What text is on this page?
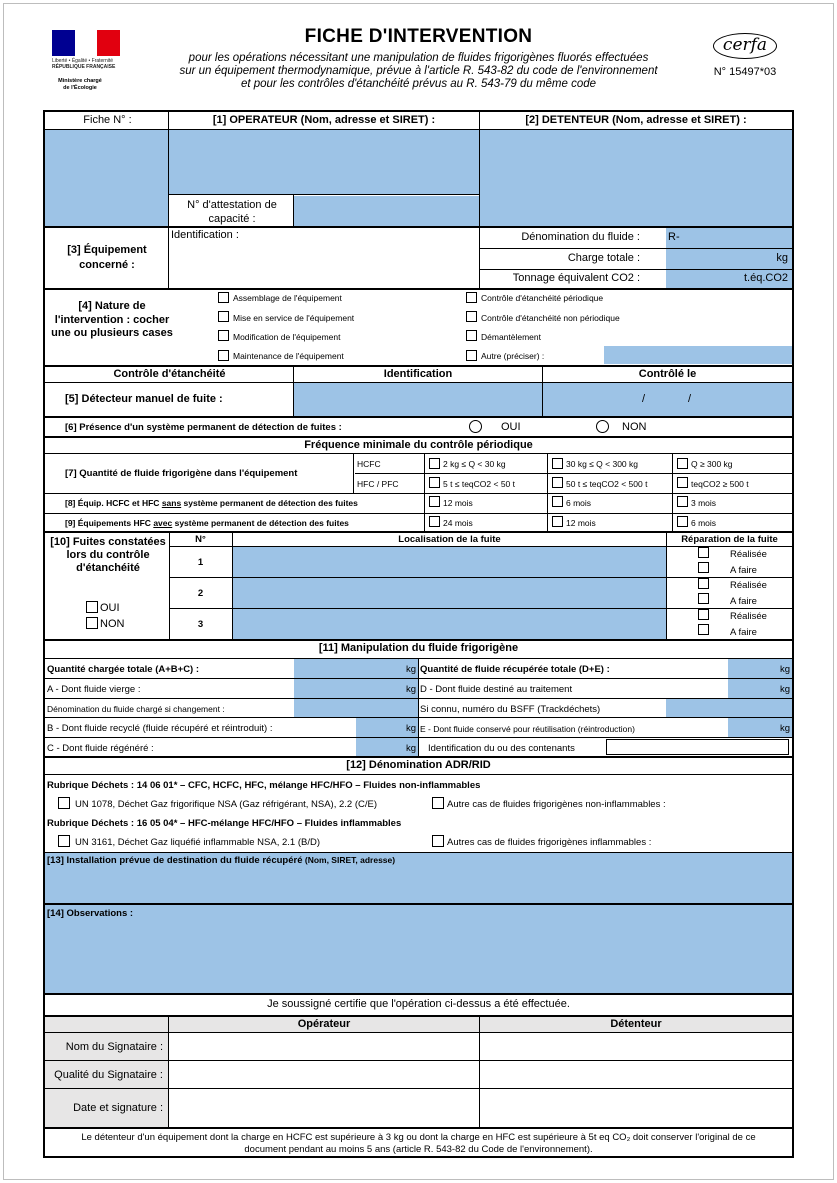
Liberté • Égalité • Fraternité
RÉPUBLIQUE FRANÇAISE
Ministère chargé de l'Écologie
FICHE D'INTERVENTION
pour les opérations nécessitant une manipulation de fluides frigorigènes fluorés effectuées
sur un équipement thermodynamique, prévue à l'article R. 543-82 du code de l'environnement
et pour les contrôles d'étanchéité prévus au R. 543-79 du même code
cerfa
N° 15497*03
Fiche N° :	[1] OPERATEUR (Nom, adresse et SIRET) :	[2] DETENTEUR (Nom, adresse et SIRET) :
N° d'attestation de capacité :
[3] Équipement concerné :
Identification :	Dénomination du fluide :	R-
Charge totale :	kg
Tonnage équivalent CO2 :	t.éq.CO2
[4] Nature de l'intervention : cocher une ou plusieurs cases
Assemblage de l'équipement
Mise en service de l'équipement
Modification de l'équipement
Maintenance de l'équipement
Contrôle d'étanchéité périodique
Contrôle d'étanchéité non périodique
Démantèlement
Autre (préciser) :
Contrôle d'étanchéité	Identification	Contrôlé le
[5] Détecteur manuel de fuite :	/	/
[6] Présence d'un système permanent de détection de fuites :	OUI	NON
Fréquence minimale du contrôle périodique
[7] Quantité de fluide frigorigène dans l'équipement
HCFC
HFC / PFC
2 kg ≤ Q < 30 kg	30 kg ≤ Q < 300 kg	Q ≥ 300 kg
5 t ≤ teqCO2 < 50 t	50 t ≤ teqCO2 < 500 t	teqCO2 ≥ 500 t
[8] Équip. HCFC et HFC sans système permanent de détection des fuites	12 mois	6 mois	3 mois
[9] Équipements HFC avec système permanent de détection des fuites	24 mois	12 mois	6 mois
[10] Fuites constatées lors du contrôle d'étanchéité
OUI
NON
N°	Localisation de la fuite	Réparation de la fuite
1
Réalisée
A faire
2
Réalisée
A faire
3
Réalisée
A faire
[11] Manipulation du fluide frigorigène
Quantité chargée totale (A+B+C) :	kg
A - Dont fluide vierge :	kg
Dénomination du fluide chargé si changement :
B - Dont fluide recyclé (fluide récupéré et réintroduit) :	kg
C - Dont fluide régénéré :	kg
Quantité de fluide récupérée totale (D+E) :	kg
D - Dont fluide destiné au traitement	kg
Si connu, numéro du BSFF (Trackdéchets)
E - Dont fluide conservé pour réutilisation (réintroduction)	kg
Identification du ou des contenants
[12] Dénomination ADR/RID
Rubrique Déchets : 14 06 01* – CFC, HCFC, HFC, mélange HFC/HFO – Fluides non-inflammables
UN 1078, Déchet Gaz frigorifique NSA (Gaz réfrigérant, NSA), 2.2 (C/E)	Autre cas de fluides frigorigènes non-inflammables :
Rubrique Déchets : 16 05 04* – HFC-mélange HFC/HFO – Fluides inflammables
UN 3161, Déchet Gaz liquéfié inflammable NSA, 2.1 (B/D)	Autres cas de fluides frigorigènes inflammables :
[13] Installation prévue de destination du fluide récupéré (Nom, SIRET, adresse)
[14] Observations :
Je soussigné certifie que l'opération ci-dessus a été effectuée.
Opérateur	Détenteur
Nom du Signataire :
Qualité du Signataire :
Date et signature :
Le détenteur d'un équipement dont la charge en HCFC est supérieure à 3 kg ou dont la charge en HFC est supérieure à 5t eq CO₂ doit conserver l'original de ce
document pendant au moins 5 ans (article R. 543-82 du Code de l'environnement).
